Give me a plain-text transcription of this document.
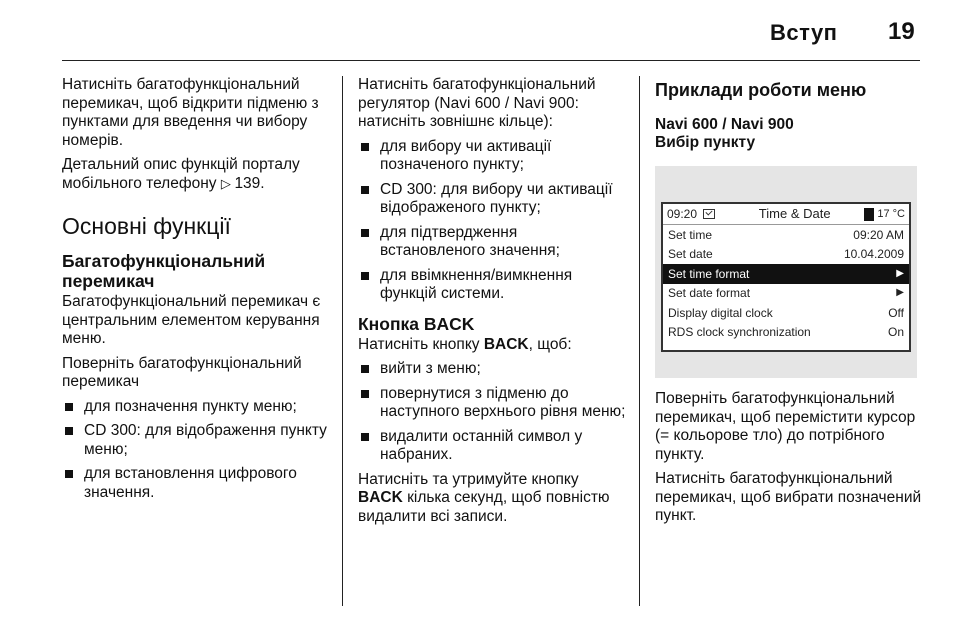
Вступ 19

Натисніть багатофункціональний перемикач, щоб відкрити підменю з пунктами для введення чи вибору номерів.

Детальний опис функцій порталу мобільного телефону ▷ 139.

Основні функції
Багатофункціональний перемикач

Багатофункціональний перемикач є центральним елементом керування меню.

Поверніть багатофункціональний перемикач

для позначення пункту меню;
CD 300: для відображення пункту меню;
для встановлення цифрового значення.

Натисніть багатофункціональний регулятор (Navi 600 / Navi 900: натисніть зовнішнє кільце):

для вибору чи активації позначеного пункту;
CD 300: для вибору чи активації відображеного пункту;
для підтвердження встановленого значення;
для ввімкнення/вимкнення функцій системи.
Кнопка BACK

Натисніть кнопку BACK, щоб:

вийти з меню;
повернутися з підменю до наступного верхнього рівня меню;
видалити останній символ у набраних.

Натисніть та утримуйте кнопку BACK кількa секунд, щоб повністю видалити всі записи.

Приклади роботи меню
Navi 600 / Navi 900
Вибір пункту
09:20	Time & Date	17 °C
Set time	09:20 AM
Set date	10.04.2009
Set time format	▶
Set date format	▶
Display digital clock	Off
RDS clock synchronization	On

Поверніть багатофункціональний перемикач, щоб перемістити курсор (= кольорове тло) до потрібного пункту.

Натисніть багатофункціональний перемикач, щоб вибрати позначений пункт.
